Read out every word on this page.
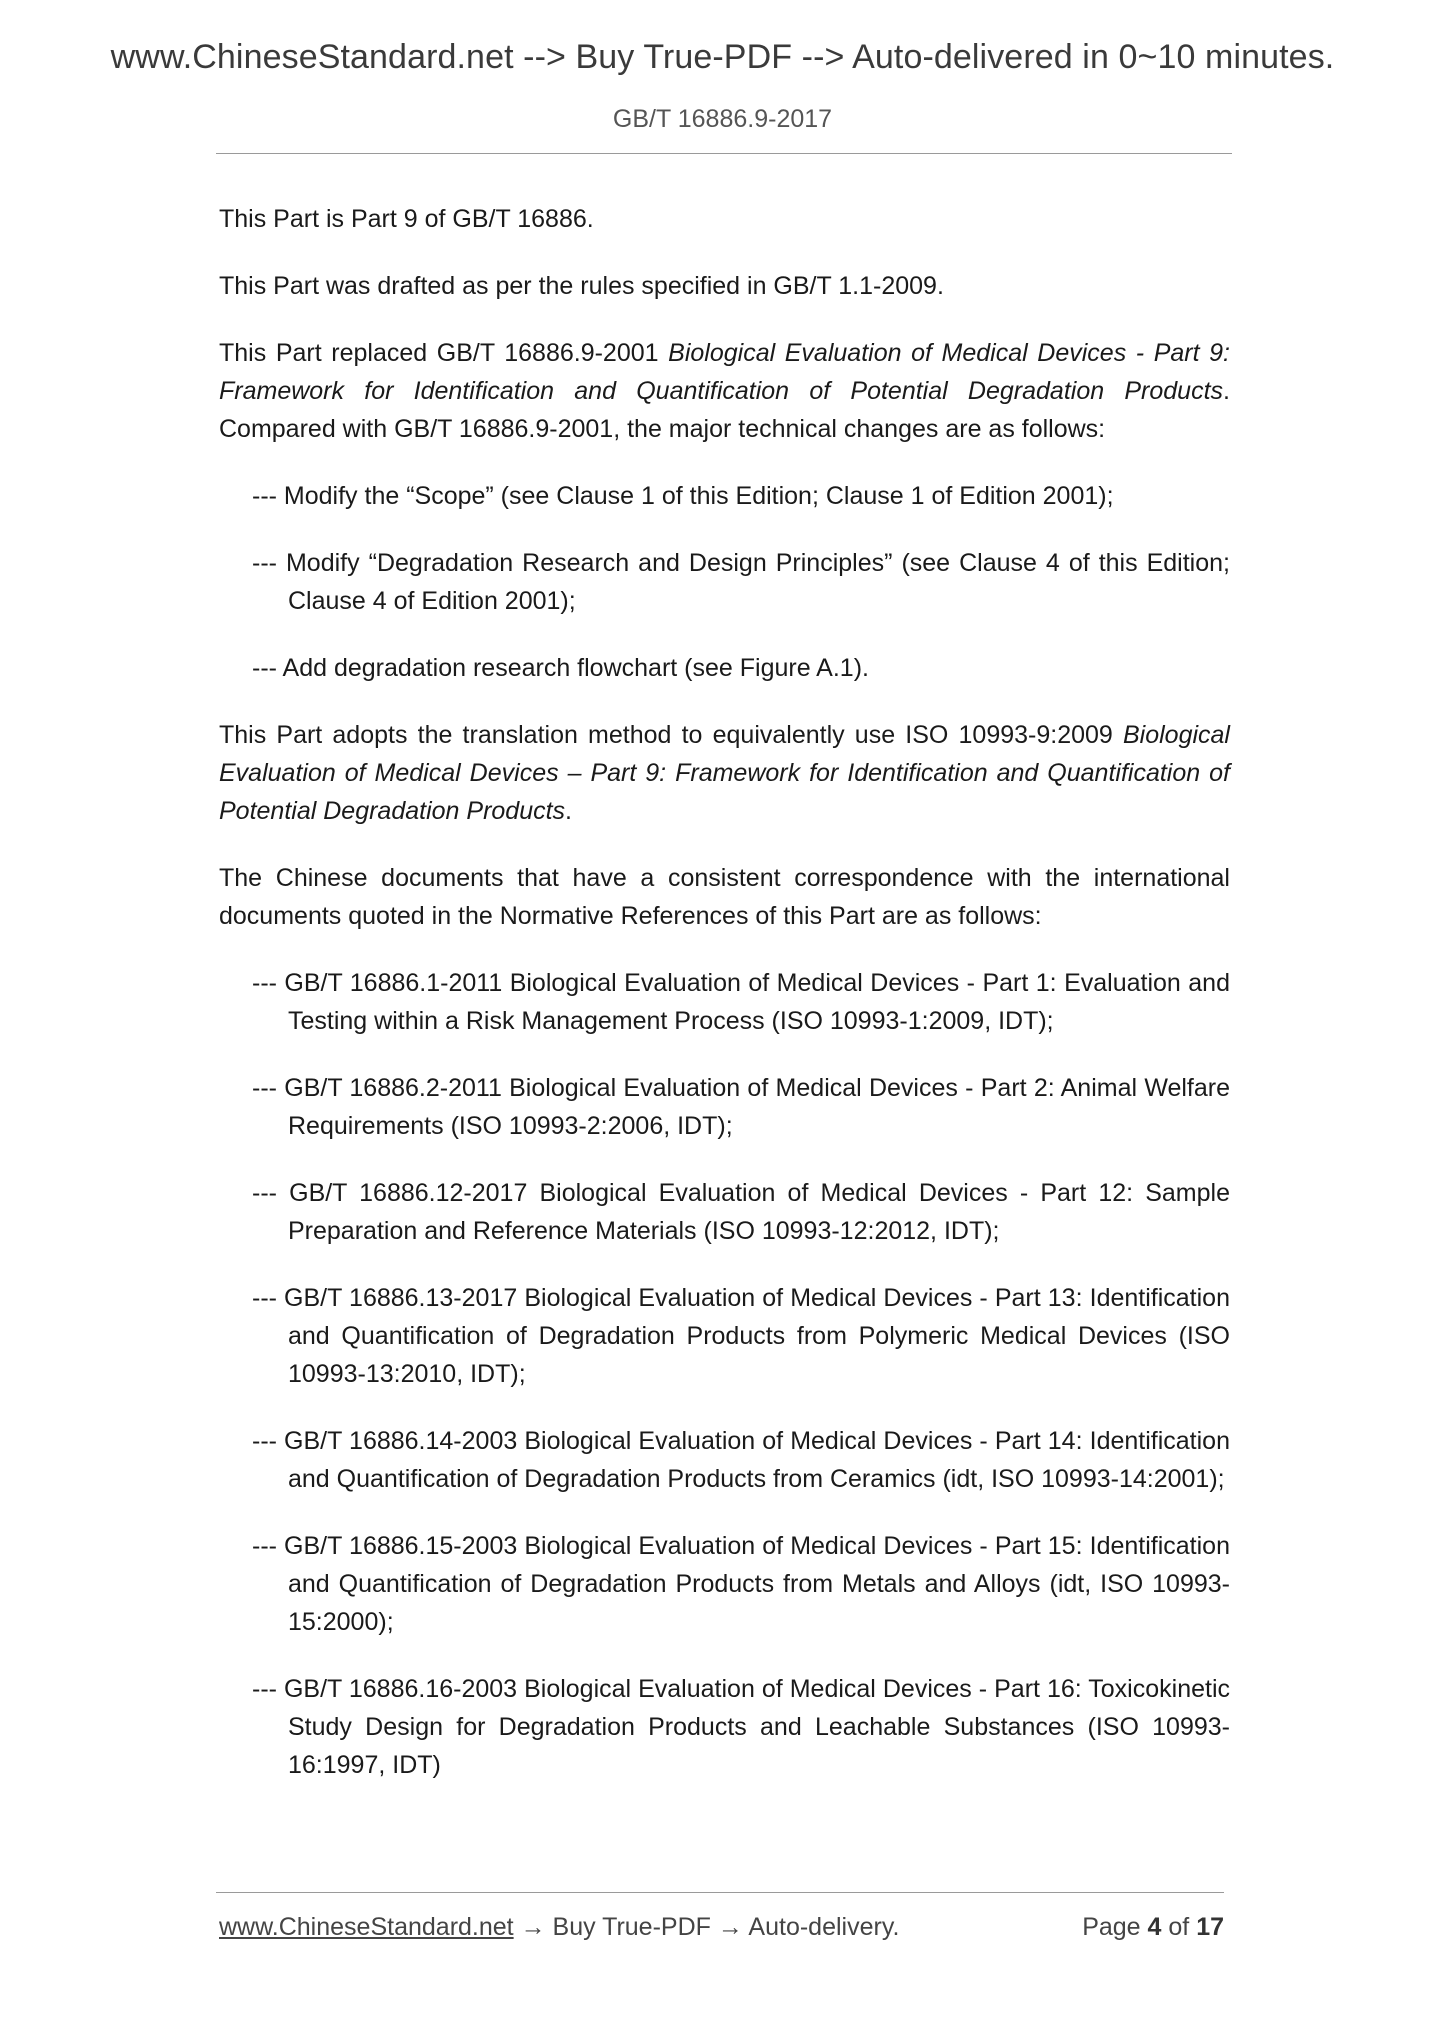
www.ChineseStandard.net --> Buy True-PDF --> Auto-delivered in 0~10 minutes.
GB/T 16886.9-2017

This Part is Part 9 of GB/T 16886.

This Part was drafted as per the rules specified in GB/T 1.1-2009.

This Part replaced GB/T 16886.9-2001 Biological Evaluation of Medical Devices - Part 9: Framework for Identification and Quantification of Potential Degradation Products. Compared with GB/T 16886.9-2001, the major technical changes are as follows:

--- Modify the “Scope” (see Clause 1 of this Edition; Clause 1 of Edition 2001);

--- Modify “Degradation Research and Design Principles” (see Clause 4 of this Edition; Clause 4 of Edition 2001);

--- Add degradation research flowchart (see Figure A.1).

This Part adopts the translation method to equivalently use ISO 10993-9:2009 Biological Evaluation of Medical Devices – Part 9: Framework for Identification and Quantification of Potential Degradation Products.

The Chinese documents that have a consistent correspondence with the international documents quoted in the Normative References of this Part are as follows:

--- GB/T 16886.1-2011 Biological Evaluation of Medical Devices - Part 1: Evaluation and Testing within a Risk Management Process (ISO 10993-1:2009, IDT);

--- GB/T 16886.2-2011 Biological Evaluation of Medical Devices - Part 2: Animal Welfare Requirements (ISO 10993-2:2006, IDT);

--- GB/T 16886.12-2017 Biological Evaluation of Medical Devices - Part 12: Sample Preparation and Reference Materials (ISO 10993-12:2012, IDT);

--- GB/T 16886.13-2017 Biological Evaluation of Medical Devices - Part 13: Identification and Quantification of Degradation Products from Polymeric Medical Devices (ISO 10993-13:2010, IDT);

--- GB/T 16886.14-2003 Biological Evaluation of Medical Devices - Part 14: Identification and Quantification of Degradation Products from Ceramics (idt, ISO 10993-14:2001);

--- GB/T 16886.15-2003 Biological Evaluation of Medical Devices - Part 15: Identification and Quantification of Degradation Products from Metals and Alloys (idt, ISO 10993-15:2000);

--- GB/T 16886.16-2003 Biological Evaluation of Medical Devices - Part 16: Toxicokinetic Study Design for Degradation Products and Leachable Substances (ISO 10993-16:1997, IDT)

www.ChineseStandard.net → Buy True-PDF → Auto-delivery.	Page 4 of 17
